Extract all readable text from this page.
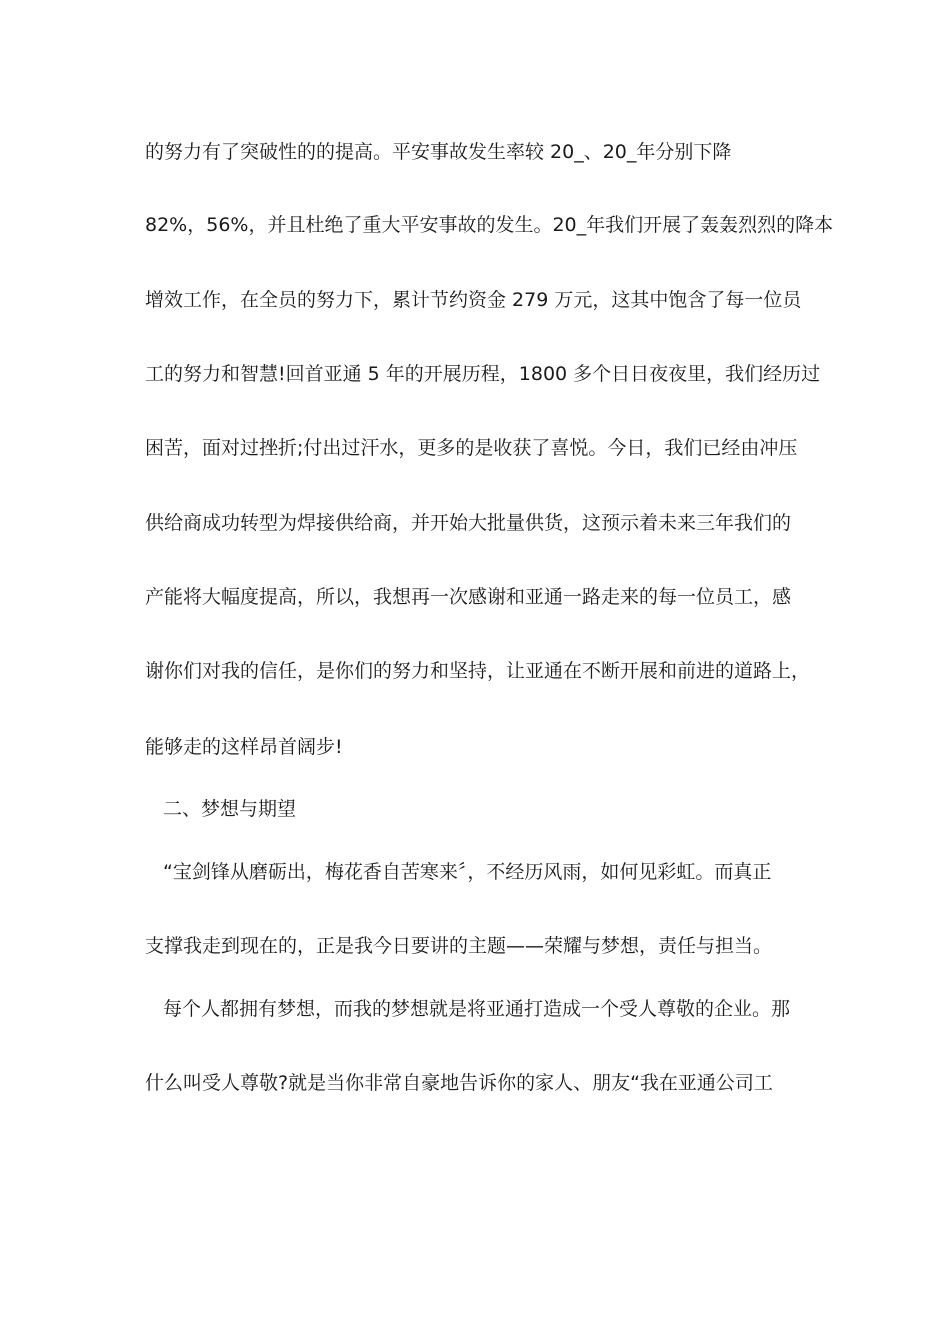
的努力有了突破性的的提高。平安事故发生率较 20_、20_年分别下降

82%，56%，并且杜绝了重大平安事故的发生。20_年我们开展了轰轰烈烈的降本

增效工作，在全员的努力下，累计节约资金 279 万元，这其中饱含了每一位员

工的努力和智慧!回首亚通 5 年的开展历程，1800 多个日日夜夜里，我们经历过

困苦，面对过挫折;付出过汗水，更多的是收获了喜悦。今日，我们已经由冲压

供给商成功转型为焊接供给商，并开始大批量供货，这预示着未来三年我们的

产能将大幅度提高，所以，我想再一次感谢和亚通一路走来的每一位员工，感

谢你们对我的信任，是你们的努力和坚持，让亚通在不断开展和前进的道路上，

能够走的这样昂首阔步!

二、梦想与期望

“宝剑锋从磨砺出，梅花香自苦寒来〞，不经历风雨，如何见彩虹。而真正

支撑我走到现在的，正是我今日要讲的主题——荣耀与梦想，责任与担当。

每个人都拥有梦想，而我的梦想就是将亚通打造成一个受人尊敬的企业。那

什么叫受人尊敬?就是当你非常自豪地告诉你的家人、朋友“我在亚通公司工
